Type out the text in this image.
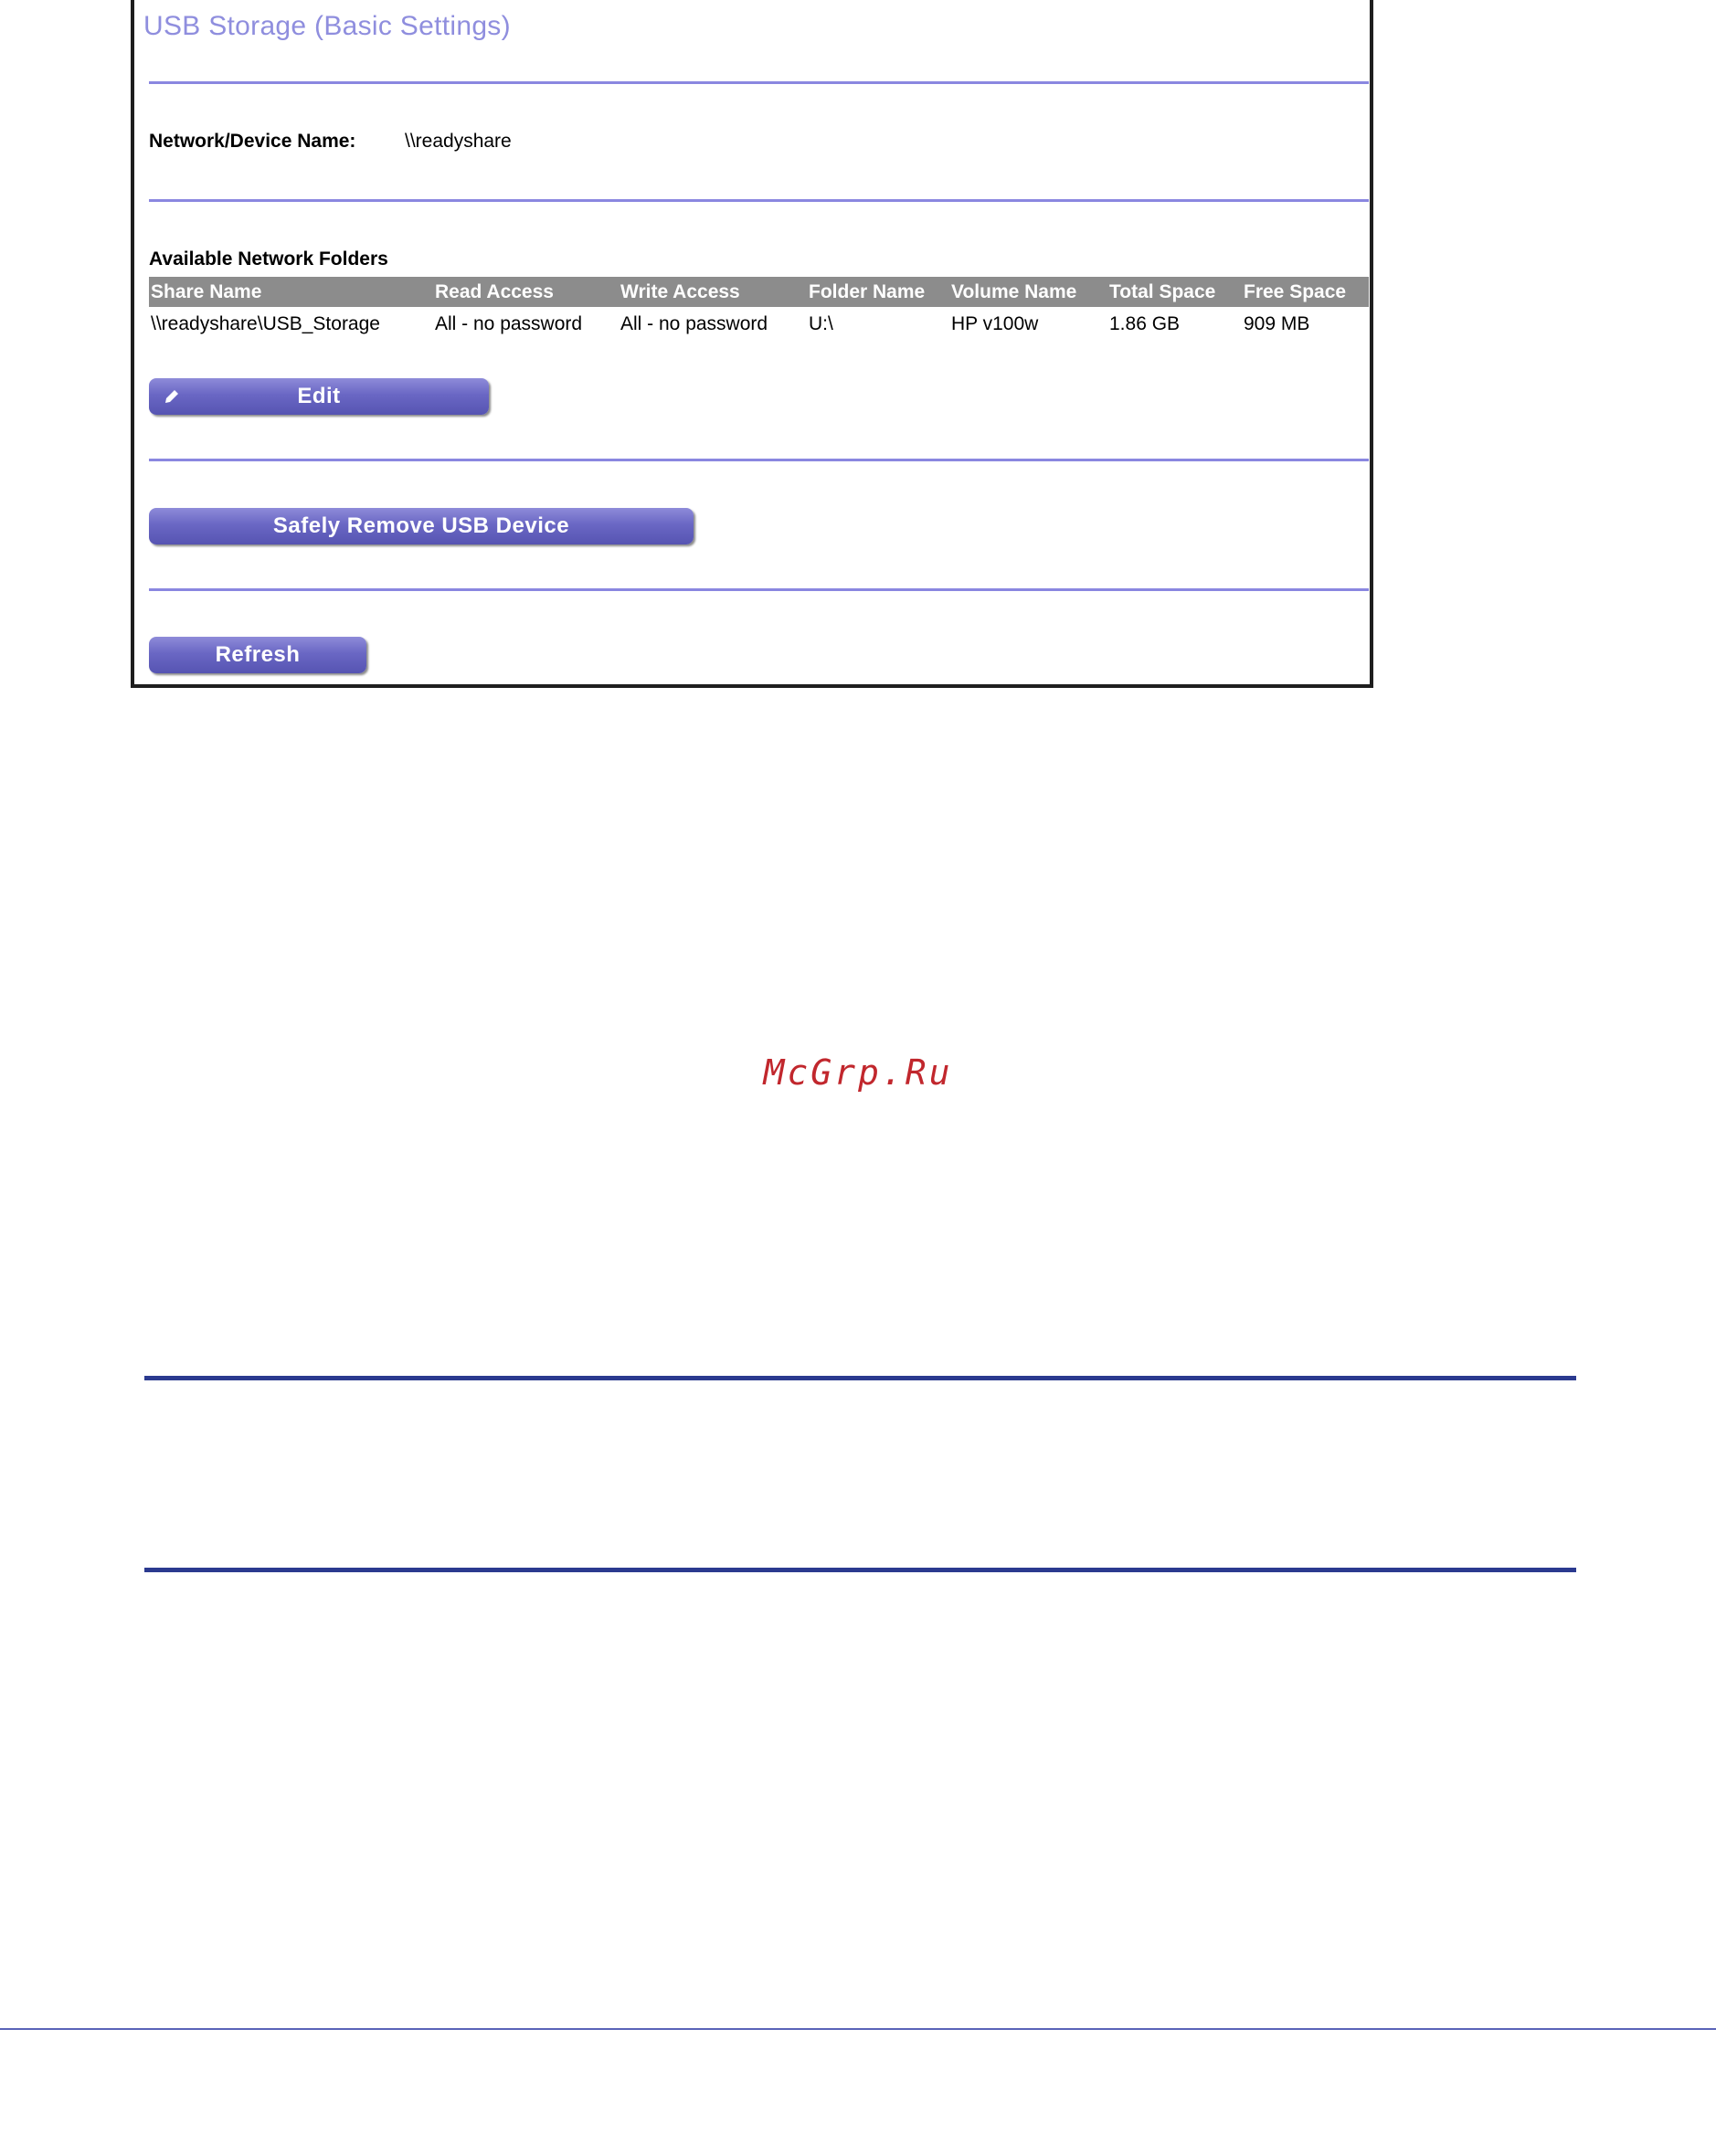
USB Storage (Basic Settings)
Network/Device Name:	\\readyshare
Available Network Folders
Share Name	Read Access	Write Access	Folder Name	Volume Name	Total Space	Free Space
\\readyshare\USB_Storage	All - no password	All - no password	U:\	HP v100w	1.86 GB	909 MB
Edit
Safely Remove USB Device
Refresh
McGrp.Ru
